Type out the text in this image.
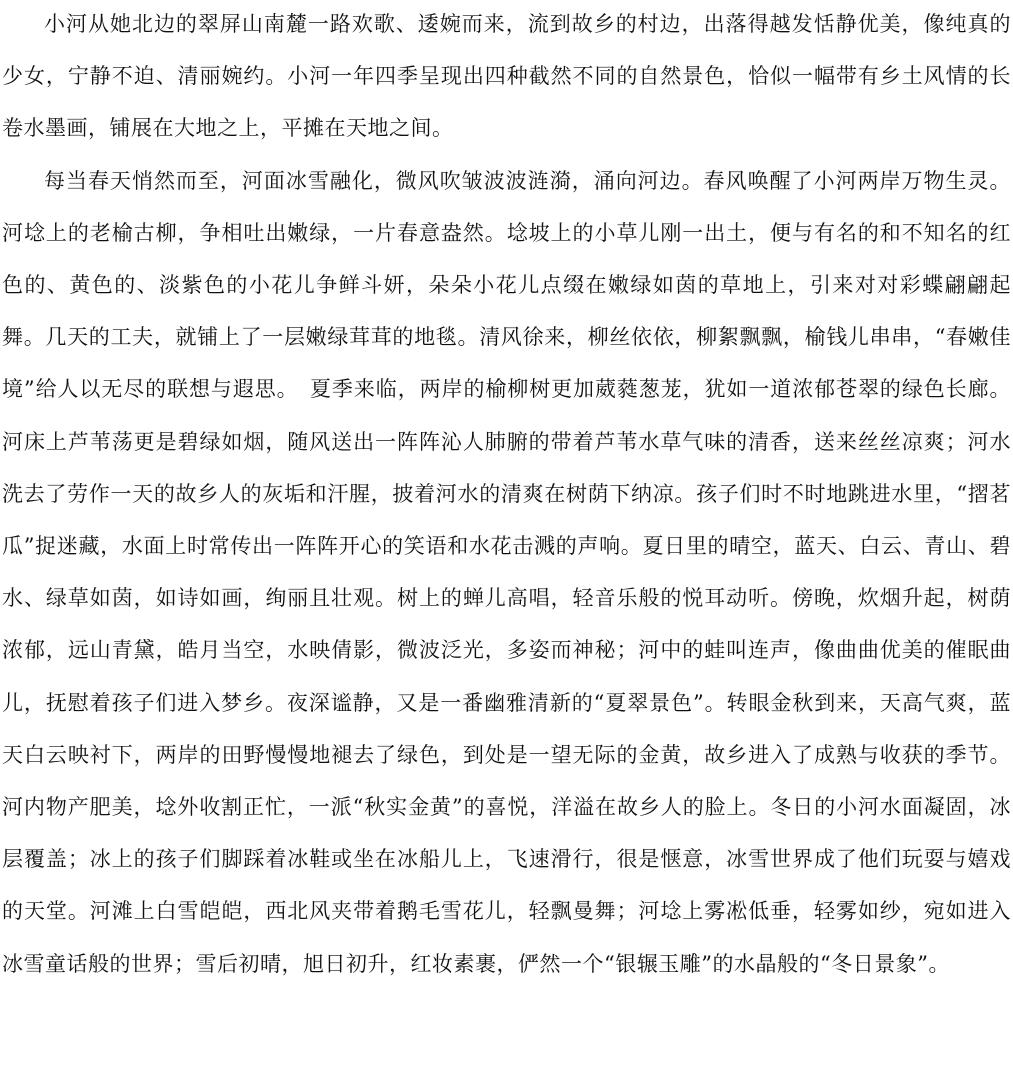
小河从她北边的翠屏山南麓一路欢歌、逶婉而来，流到故乡的村边，出落得越发恬静优美，像纯真的少女，宁静不迫、清丽婉约。小河一年四季呈现出四种截然不同的自然景色，恰似一幅带有乡土风情的长卷水墨画，铺展在大地之上，平摊在天地之间。

每当春天悄然而至，河面冰雪融化，微风吹皱波波涟漪，涌向河边。春风唤醒了小河两岸万物生灵。河埝上的老榆古柳，争相吐出嫩绿，一片春意盎然。埝坡上的小草儿刚一出土，便与有名的和不知名的红色的、黄色的、淡紫色的小花儿争鲜斗妍，朵朵小花儿点缀在嫩绿如茵的草地上，引来对对彩蝶翩翩起舞。几天的工夫，就铺上了一层嫩绿茸茸的地毯。清风徐来，柳丝依依，柳絮飘飘，榆钱儿串串，“春嫩佳境”给人以无尽的联想与遐思。　夏季来临，两岸的榆柳树更加葳蕤葱茏，犹如一道浓郁苍翠的绿色长廊。河床上芦苇荡更是碧绿如烟，随风送出一阵阵沁人肺腑的带着芦苇水草气味的清香，送来丝丝凉爽；河水洗去了劳作一天的故乡人的灰垢和汗腥，披着河水的清爽在树荫下纳凉。孩子们时不时地跳进水里，“摺茗瓜”捉迷藏，水面上时常传出一阵阵开心的笑语和水花击溅的声响。夏日里的晴空，蓝天、白云、青山、碧水、绿草如茵，如诗如画，绚丽且壮观。树上的蝉儿高唱，轻音乐般的悦耳动听。傍晚，炊烟升起，树荫浓郁，远山青黛，皓月当空，水映倩影，微波泛光，多姿而神秘；河中的蛙叫连声，像曲曲优美的催眠曲儿，抚慰着孩子们进入梦乡。夜深谧静，又是一番幽雅清新的“夏翠景色”。转眼金秋到来，天高气爽，蓝天白云映衬下，两岸的田野慢慢地褪去了绿色，到处是一望无际的金黄，故乡进入了成熟与收获的季节。河内物产肥美，埝外收割正忙，一派“秋实金黄”的喜悦，洋溢在故乡人的脸上。冬日的小河水面凝固，冰层覆盖；冰上的孩子们脚踩着冰鞋或坐在冰船儿上，飞速滑行，很是惬意，冰雪世界成了他们玩耍与嬉戏的天堂。河滩上白雪皑皑，西北风夹带着鹅毛雪花儿，轻飘曼舞；河埝上雾凇低垂，轻雾如纱，宛如进入冰雪童话般的世界；雪后初晴，旭日初升，红妆素裹，俨然一个“银辗玉雕”的水晶般的“冬日景象”。
